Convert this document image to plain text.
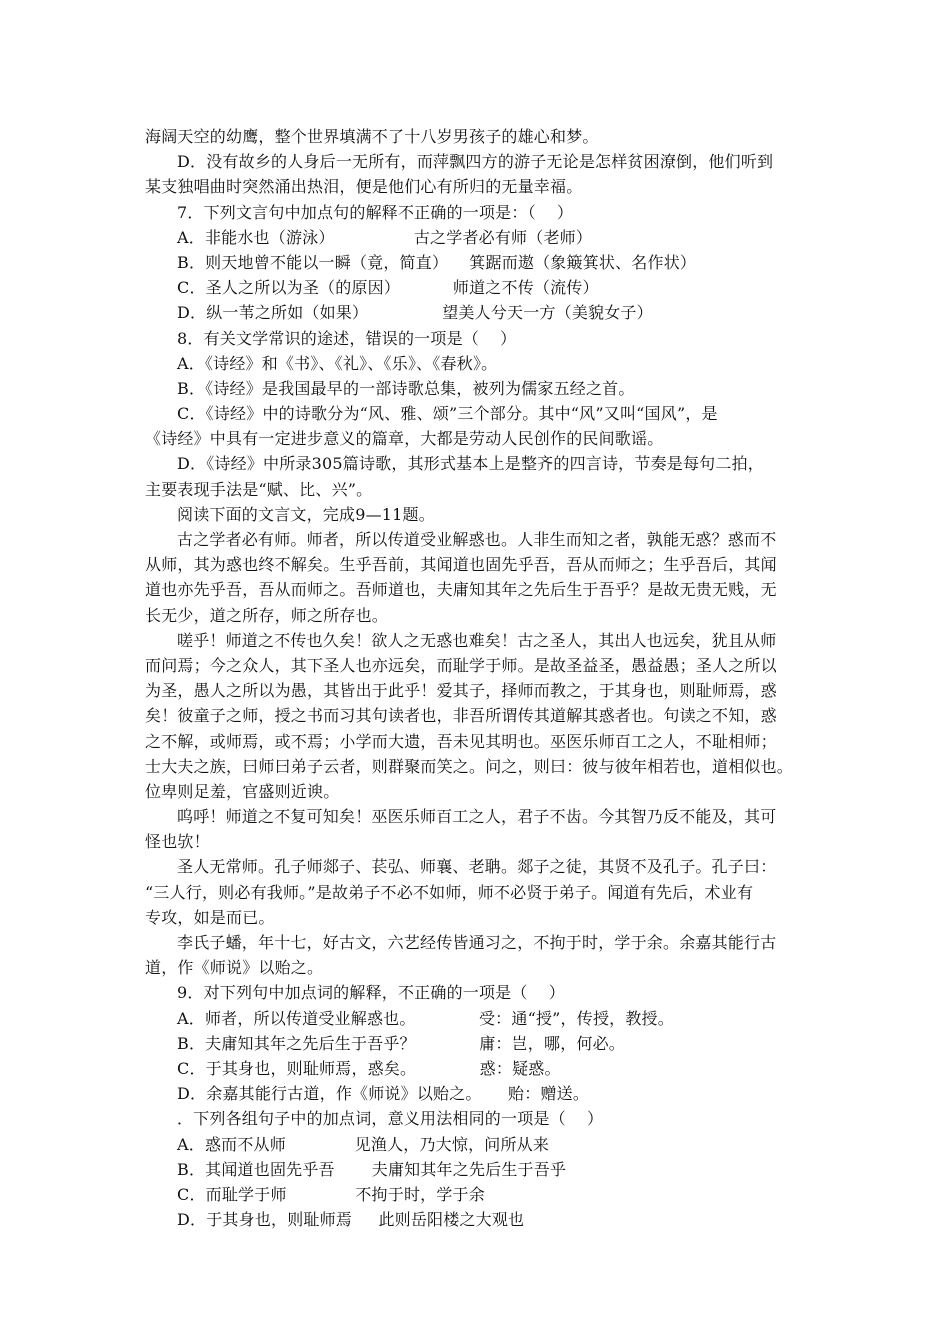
海阔天空的幼鹰，整个世界填满不了十八岁男孩子的雄心和梦。
D．没有故乡的人身后一无所有，而萍飘四方的游子无论是怎样贫困潦倒，他们听到
某支独唱曲时突然涌出热泪，便是他们心有所归的无量幸福。
7．下列文言句中加点句的解释不正确的一项是：（    ）
A．非能水也（游泳）               古之学者必有师（老师）
B．则天地曾不能以一瞬（竟，简直）    箕踞而遨（象簸箕状、名作状）
C．圣人之所以为圣（的原因）          师道之不传（流传）
D．纵一苇之所如（如果）              望美人兮天一方（美貌女子）
8．有关文学常识的途述，错误的一项是（    ）
A．《诗经》和《书》、《礼》、《乐》、《春秋》。
B．《诗经》是我国最早的一部诗歌总集，被列为儒家五经之首。
C．《诗经》中的诗歌分为“风、雅、颂”三个部分。其中“风”又叫“国风”，是
《诗经》中具有一定进步意义的篇章，大都是劳动人民创作的民间歌谣。
D．《诗经》中所录305篇诗歌，其形式基本上是整齐的四言诗，节奏是每句二拍，
主要表现手法是“赋、比、兴”。
阅读下面的文言文，完成9—11题。
古之学者必有师。师者，所以传道受业解惑也。人非生而知之者，孰能无惑？惑而不
从师，其为惑也终不解矣。生乎吾前，其闻道也固先乎吾，吾从而师之；生乎吾后，其闻
道也亦先乎吾，吾从而师之。吾师道也，夫庸知其年之先后生于吾乎？是故无贵无贱，无
长无少，道之所存，师之所存也。
嗟乎！师道之不传也久矣！欲人之无惑也难矣！古之圣人，其出人也远矣，犹且从师
而问焉；今之众人，其下圣人也亦远矣，而耻学于师。是故圣益圣，愚益愚；圣人之所以
为圣，愚人之所以为愚，其皆出于此乎！爱其子，择师而教之，于其身也，则耻师焉，惑
矣！彼童子之师，授之书而习其句读者也，非吾所谓传其道解其惑者也。句读之不知，惑
之不解，或师焉，或不焉；小学而大遗，吾未见其明也。巫医乐师百工之人，不耻相师；
士大夫之族，曰师曰弟子云者，则群聚而笑之。问之，则曰：彼与彼年相若也，道相似也。
位卑则足羞，官盛则近谀。
呜呼！师道之不复可知矣！巫医乐师百工之人，君子不齿。今其智乃反不能及，其可
怪也欤！
圣人无常师。孔子师郯子、苌弘、师襄、老聃。郯子之徒，其贤不及孔子。孔子曰：
“三人行，则必有我师。”是故弟子不必不如师，师不必贤于弟子。闻道有先后，术业有
专攻，如是而已。
李氏子蟠，年十七，好古文，六艺经传皆通习之，不拘于时，学于余。余嘉其能行古
道，作《师说》以贻之。
9．对下列句中加点词的解释，不正确的一项是（    ）
A．师者，所以传道受业解惑也。            受：通“授”，传授，教授。
B．夫庸知其年之先后生于吾乎？            庸：岂，哪，何必。
C．于其身也，则耻师焉，惑矣。            惑：疑惑。
D．余嘉其能行古道，作《师说》以贻之。     贻：赠送。
．下列各组句子中的加点词，意义用法相同的一项是（    ）
A．惑而不从师             见渔人，乃大惊，问所从来
B．其闻道也固先乎吾       夫庸知其年之先后生于吾乎
C．而耻学于师             不拘于时，学于余
D．于其身也，则耻师焉     此则岳阳楼之大观也
